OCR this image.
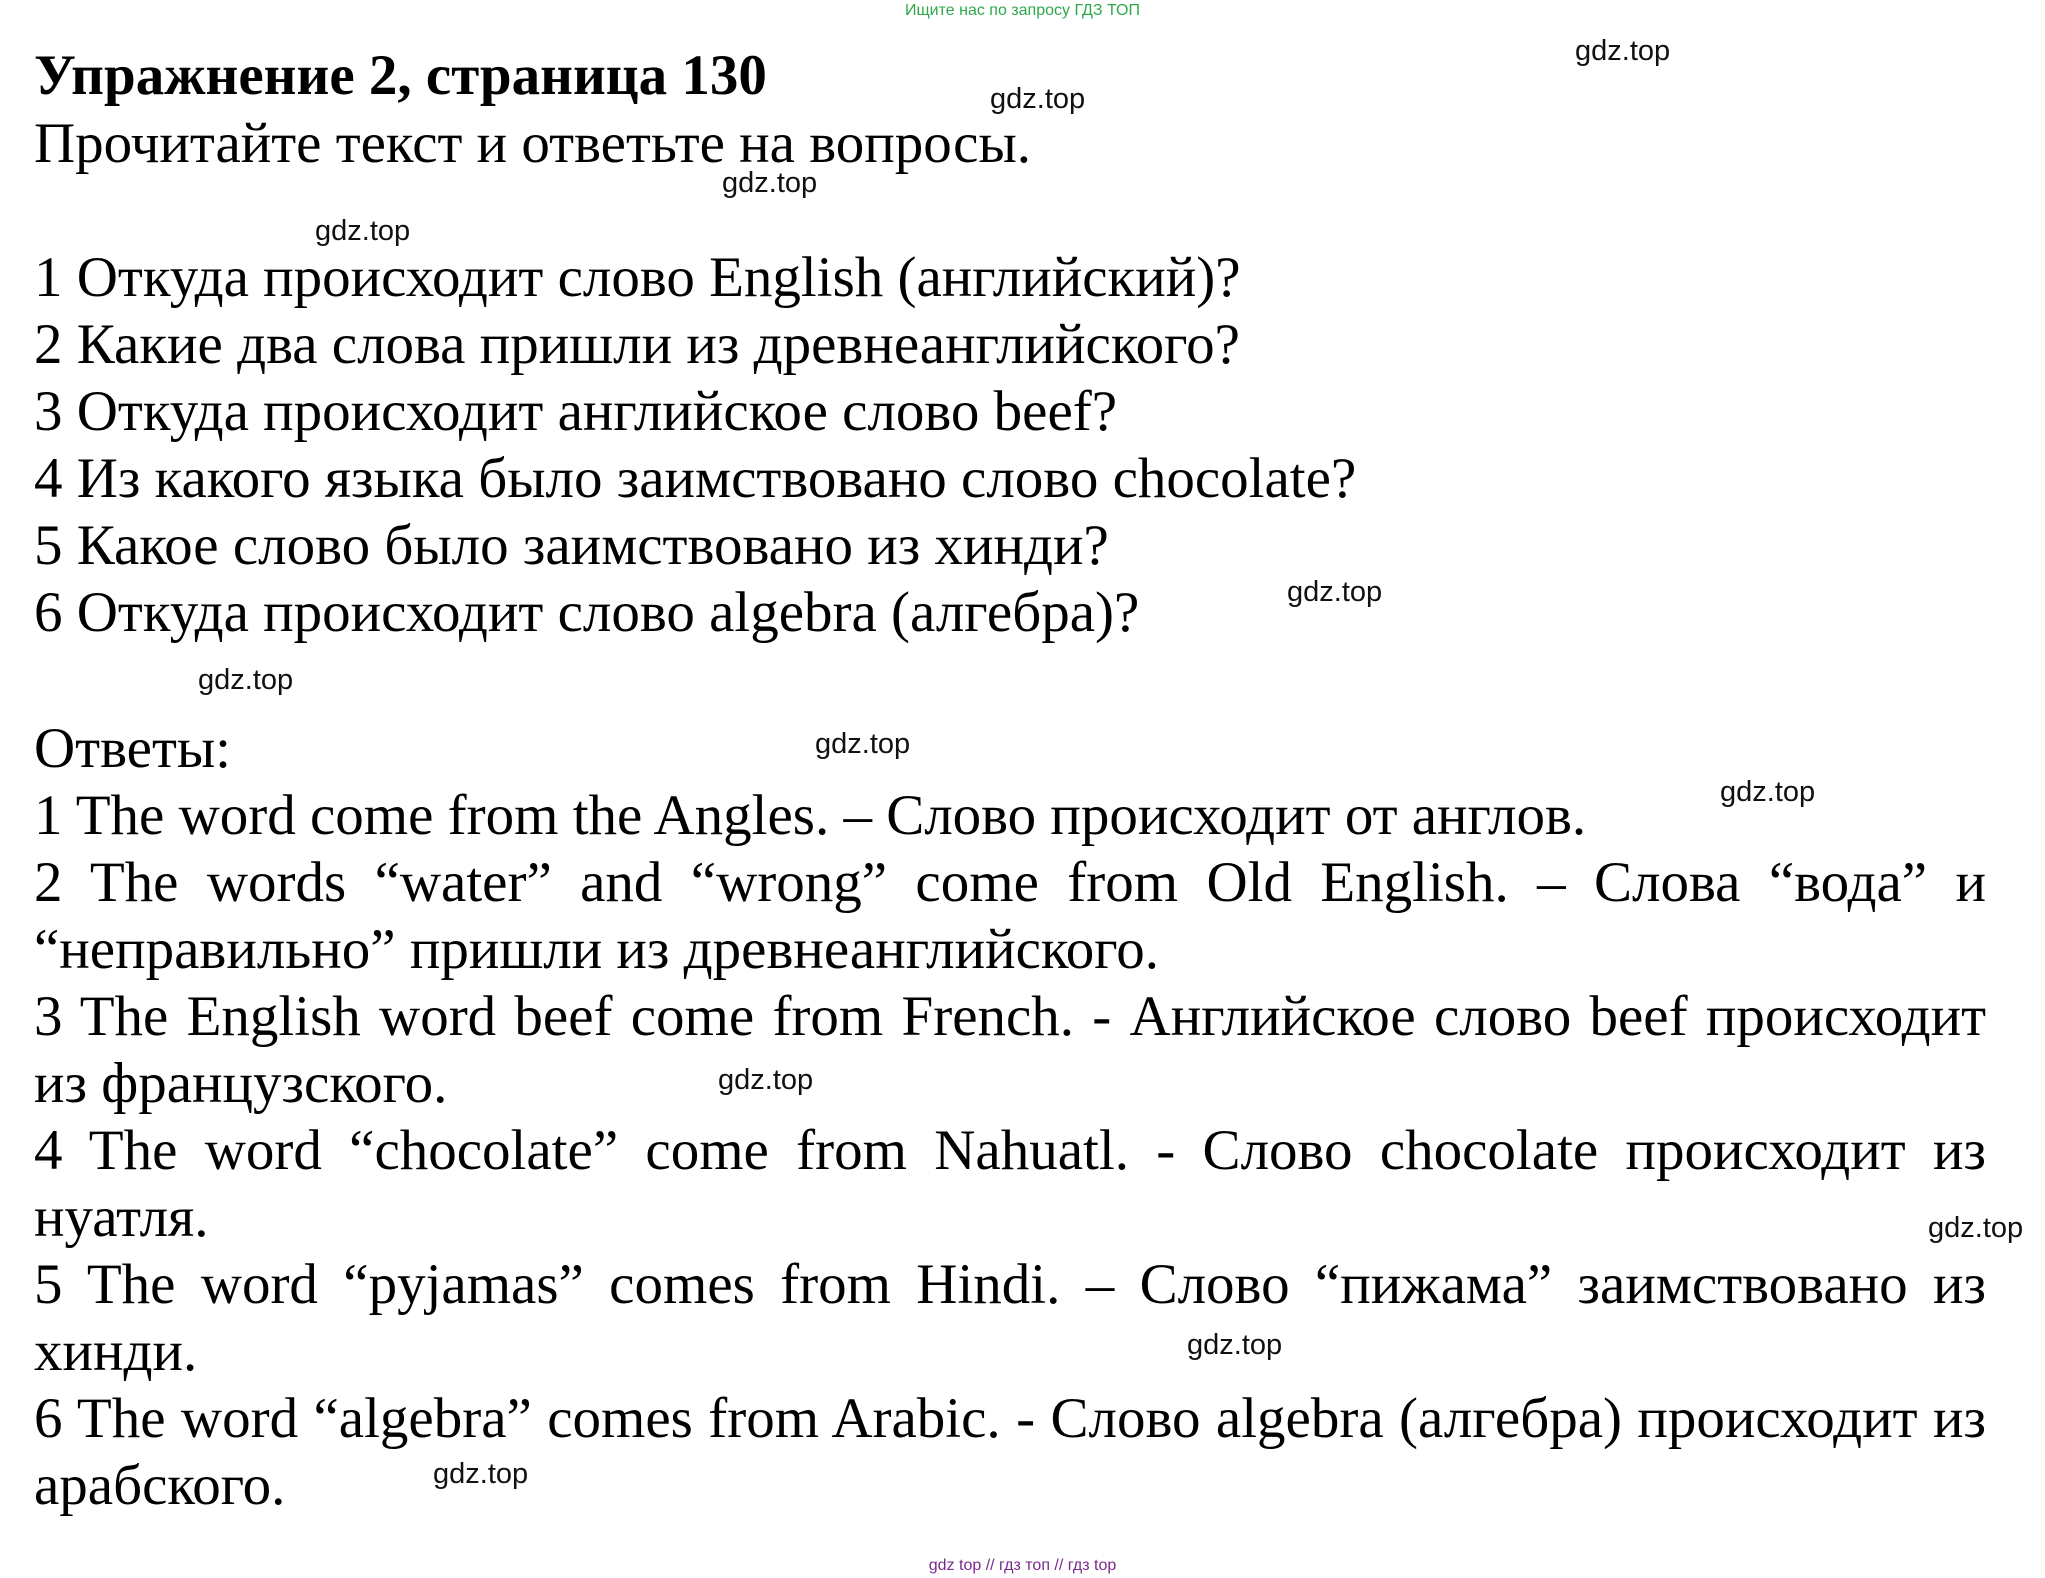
Ищите нас по запросу ГДЗ ТОП
Упражнение 2, страница 130
Прочитайте текст и ответьте на вопросы.
1 Откуда происходит слово English (английский)?
2 Какие два слова пришли из древнеанглийского?
3 Откуда происходит английское слово beef?
4 Из какого языка было заимствовано слово chocolate?
5 Какое слово было заимствовано из хинди?
6 Откуда происходит слово algebra (алгебра)?
Ответы:
1 The word come from the Angles. – Слово происходит от англов.
2 The words “water” and “wrong” come from Old English. – Слова “вода” и “неправильно” пришли из древнеанглийского.
3 The English word beef come from French. - Английское слово beef происходит из французского.
4 The word “chocolate” come from Nahuatl. - Слово chocolate происходит из нуатля.
5 The word “pyjamas” comes from Hindi. – Слово “пижама” заимствовано из хинди.
6 The word “algebra” comes from Arabic. - Слово algebra (алгебра) происходит из арабского.
gdz.top
gdz.top
gdz.top
gdz.top
gdz.top
gdz.top
gdz.top
gdz.top
gdz.top
gdz.top
gdz.top
gdz.top
gdz top // гдз топ // гдз top
